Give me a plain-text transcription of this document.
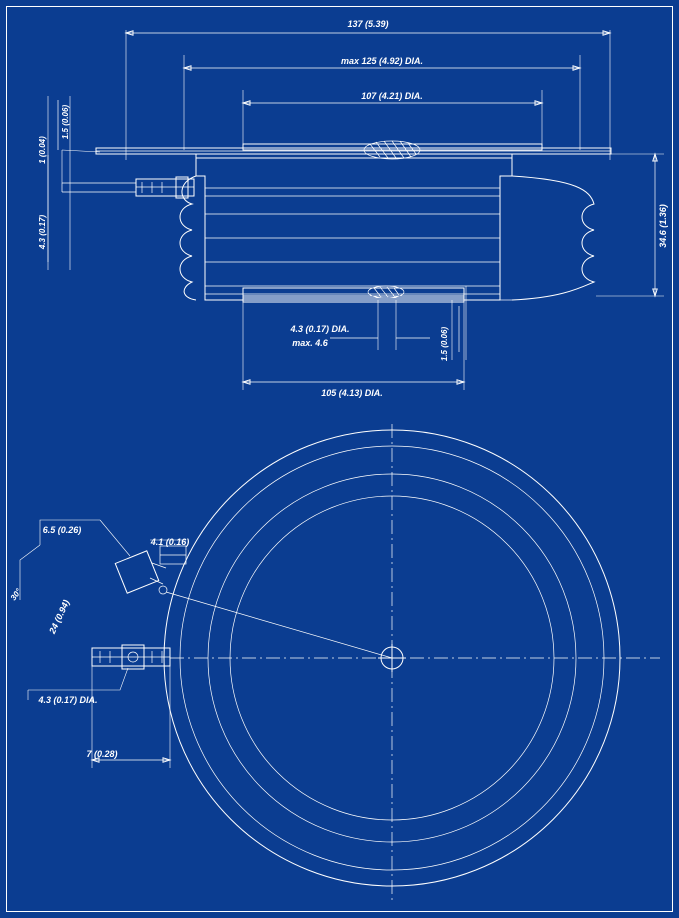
137 (5.39)
max 125 (4.92) DIA.
107 (4.21) DIA.
1 (0.04)
1.5 (0.06)
4.3 (0.17)	34.6 (1.36)
4.3 (0.17) DIA.
max. 4.6	1.5 (0.06)
105 (4.13) DIA.
6.5 (0.26)
4.1 (0.16)
30°
24 (0.94)
4.3 (0.17) DIA.
7 (0.28)
